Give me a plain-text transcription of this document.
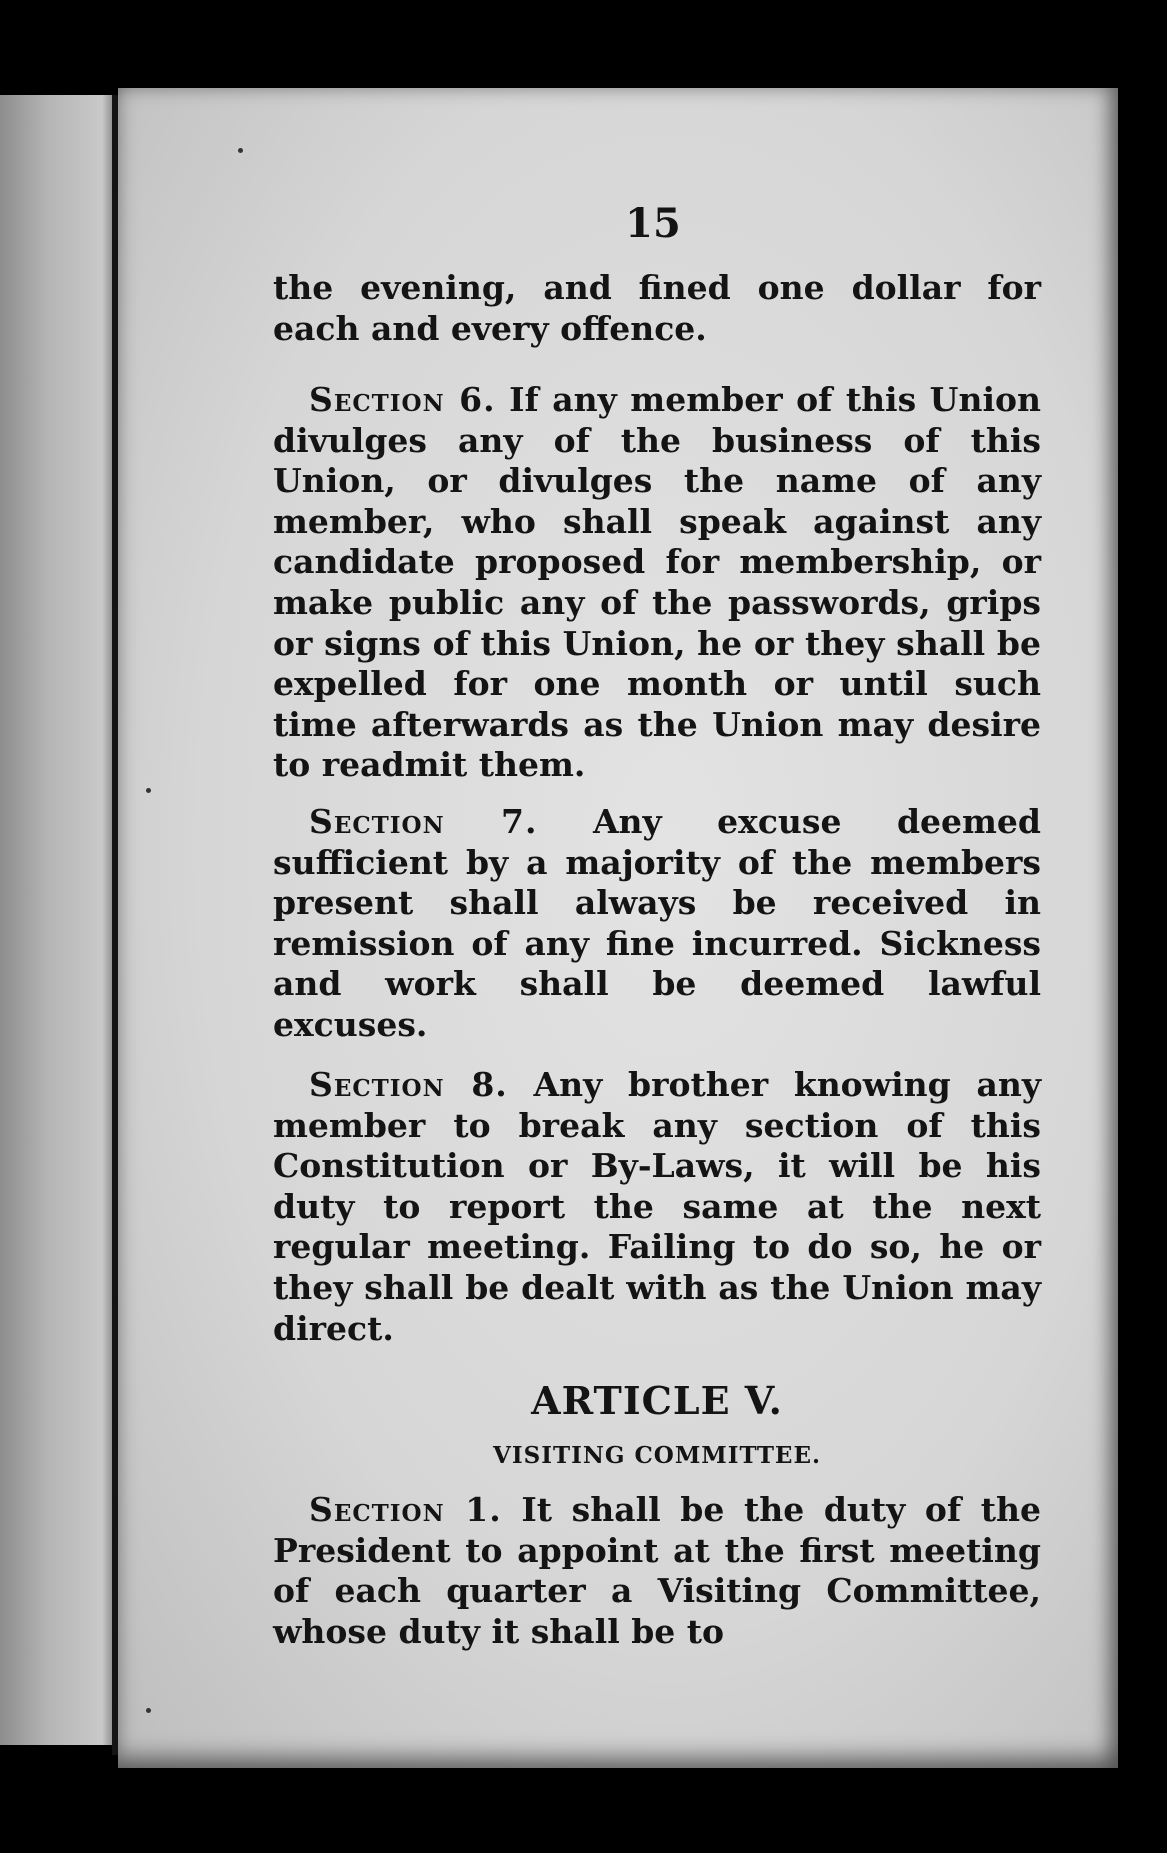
15
the evening, and fined one dollar for each and every offence.
Section 6. If any member of this Union divulges any of the business of this Union, or divulges the name of any member, who shall speak against any candidate proposed for membership, or make public any of the passwords, grips or signs of this Union, he or they shall be expelled for one month or until such time afterwards as the Union may desire to readmit them.
Section 7. Any excuse deemed sufficient by a majority of the members present shall always be received in remission of any fine incurred. Sickness and work shall be deemed lawful excuses.
Section 8. Any brother knowing any member to break any section of this Constitution or By-Laws, it will be his duty to report the same at the next regular meeting. Failing to do so, he or they shall be dealt with as the Union may direct.
ARTICLE V.
VISITING COMMITTEE.
Section 1. It shall be the duty of the President to appoint at the first meeting of each quarter a Visiting Committee, whose duty it shall be to
